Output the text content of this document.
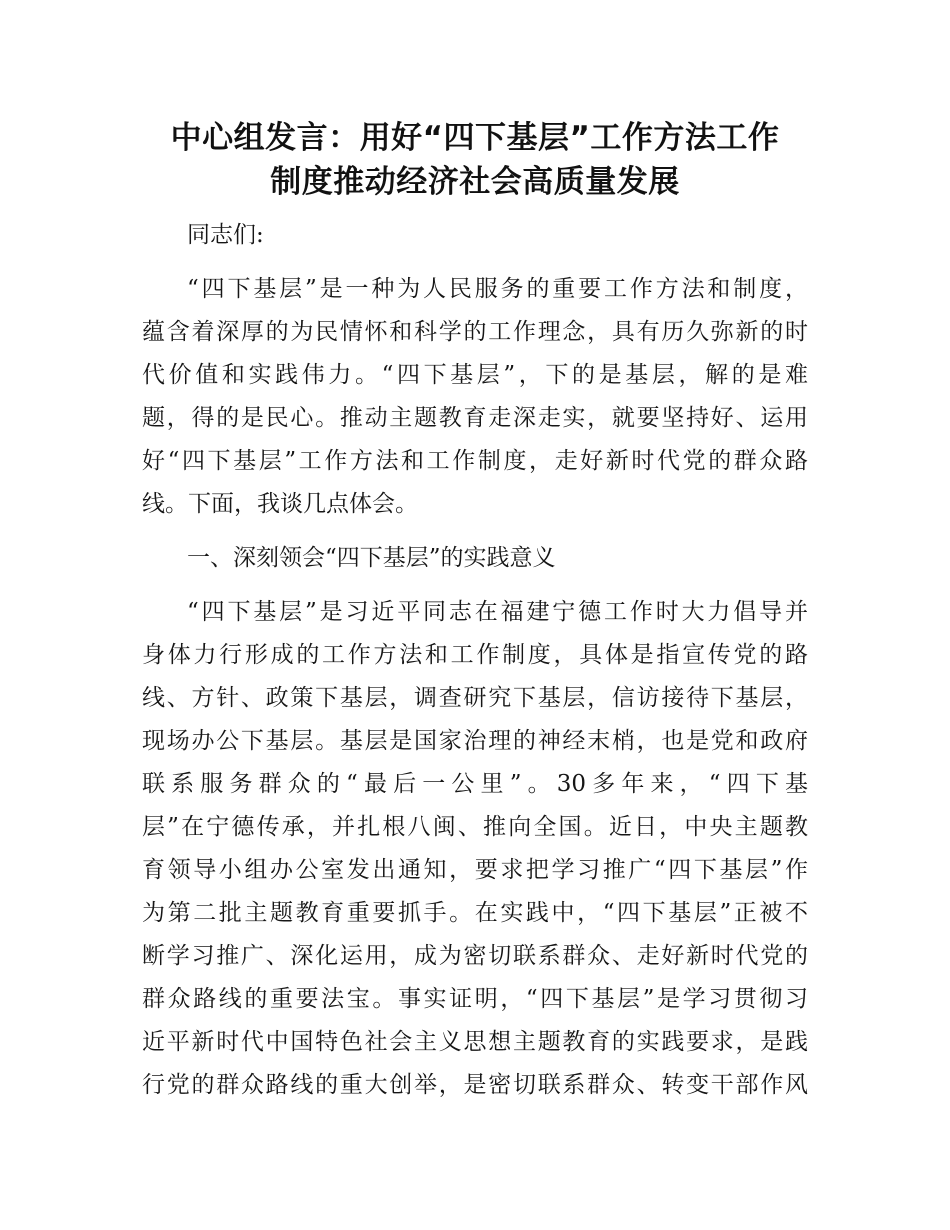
中心组发言：用好“四下基层”工作方法工作
制度推动经济社会高质量发展
同志们:
“四下基层”是一种为人民服务的重要工作方法和制度，
蕴含着深厚的为民情怀和科学的工作理念，具有历久弥新的时
代价值和实践伟力。“四下基层”，下的是基层，解的是难
题，得的是民心。推动主题教育走深走实，就要坚持好、运用
好“四下基层”工作方法和工作制度，走好新时代党的群众路
线。下面，我谈几点体会。
一、深刻领会“四下基层”的实践意义
“四下基层”是习近平同志在福建宁德工作时大力倡导并
身体力行形成的工作方法和工作制度，具体是指宣传党的路
线、方针、政策下基层，调查研究下基层，信访接待下基层，
现场办公下基层。基层是国家治理的神经末梢，也是党和政府
联系服务群众的“最后一公里”。30多年来，“四下基
层”在宁德传承，并扎根八闽、推向全国。近日，中央主题教
育领导小组办公室发出通知，要求把学习推广“四下基层”作
为第二批主题教育重要抓手。在实践中，“四下基层”正被不
断学习推广、深化运用，成为密切联系群众、走好新时代党的
群众路线的重要法宝。事实证明，“四下基层”是学习贯彻习
近平新时代中国特色社会主义思想主题教育的实践要求，是践
行党的群众路线的重大创举，是密切联系群众、转变干部作风
